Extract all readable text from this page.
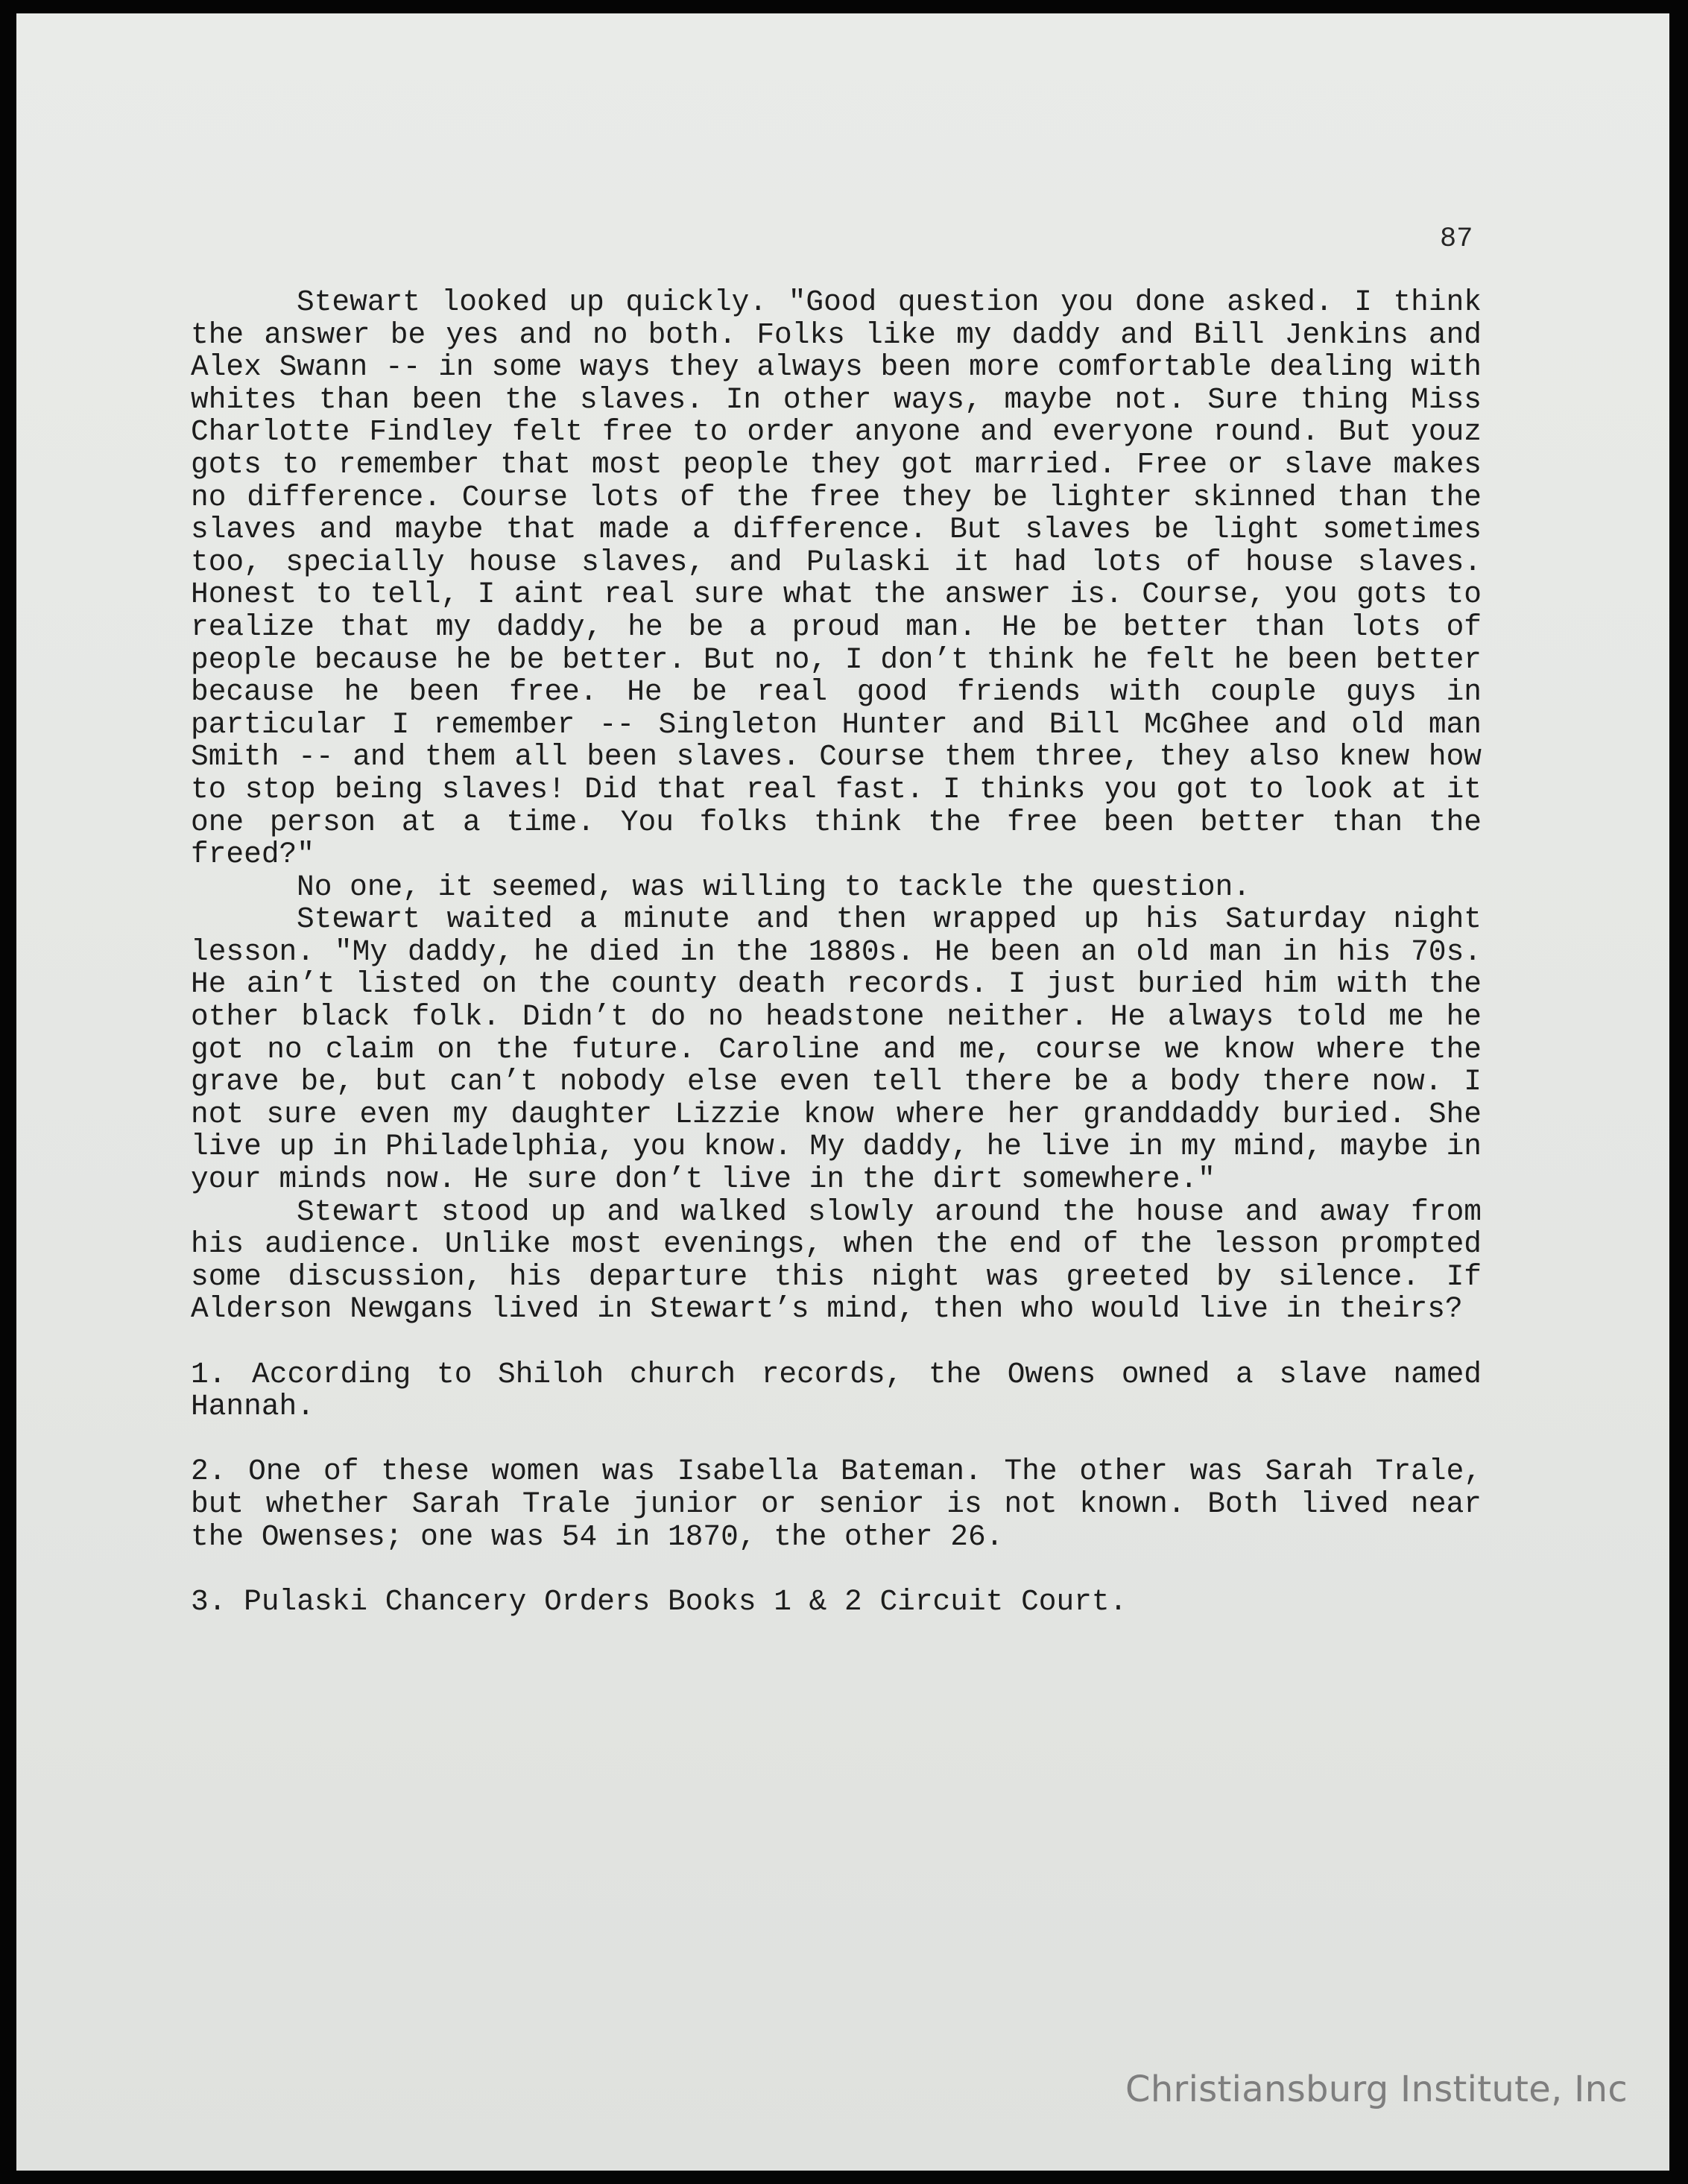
87

Stewart looked up quickly. "Good question you done asked. I think the answer be yes and no both. Folks like my daddy and Bill Jenkins and Alex Swann -- in some ways they always been more comfortable dealing with whites than been the slaves. In other ways, maybe not. Sure thing Miss Charlotte Findley felt free to order anyone and everyone round. But youz gots to remember that most people they got married. Free or slave makes no difference. Course lots of the free they be lighter skinned than the slaves and maybe that made a difference. But slaves be light sometimes too, specially house slaves, and Pulaski it had lots of house slaves. Honest to tell, I aint real sure what the answer is. Course, you gots to realize that my daddy, he be a proud man. He be better than lots of people because he be better. But no, I don’t think he felt he been better because he been free. He be real good friends with couple guys in particular I remember -- Singleton Hunter and Bill McGhee and old man Smith -- and them all been slaves. Course them three, they also knew how to stop being slaves! Did that real fast. I thinks you got to look at it one person at a time. You folks think the free been better than the freed?"

No one, it seemed, was willing to tackle the question.

Stewart waited a minute and then wrapped up his Saturday night lesson. "My daddy, he died in the 1880s. He been an old man in his 70s. He ain’t listed on the county death records. I just buried him with the other black folk. Didn’t do no headstone neither. He always told me he got no claim on the future. Caroline and me, course we know where the grave be, but can’t nobody else even tell there be a body there now. I not sure even my daughter Lizzie know where her granddaddy buried. She live up in Philadelphia, you know. My daddy, he live in my mind, maybe in your minds now. He sure don’t live in the dirt somewhere."

Stewart stood up and walked slowly around the house and away from his audience. Unlike most evenings, when the end of the lesson prompted some discussion, his departure this night was greeted by silence. If Alderson Newgans lived in Stewart’s mind, then who would live in theirs?

1. According to Shiloh church records, the Owens owned a slave named Hannah.

2. One of these women was Isabella Bateman. The other was Sarah Trale, but whether Sarah Trale junior or senior is not known. Both lived near the Owenses; one was 54 in 1870, the other 26.

3. Pulaski Chancery Orders Books 1 & 2 Circuit Court.

Christiansburg Institute, Inc
